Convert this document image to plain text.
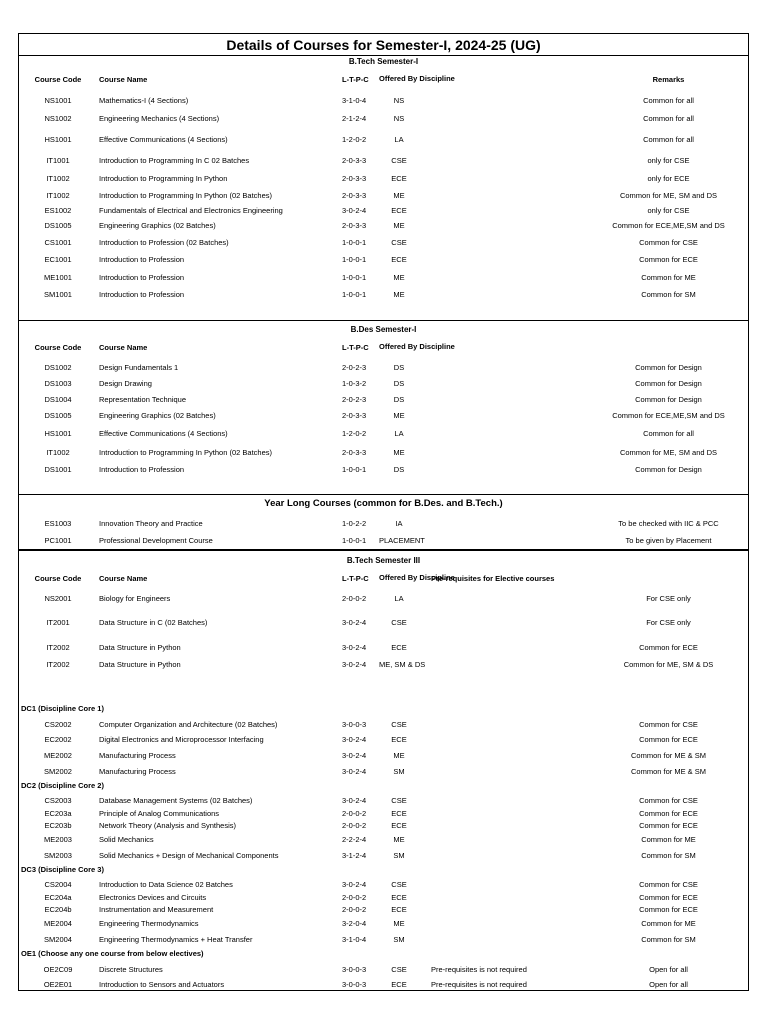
Details of Courses for Semester-I, 2024-25 (UG)
B.Tech Semester-I
Course Code	Course Name	L-T-P-C	Offered By Discipline	Remarks
NS1001	Mathematics-I (4 Sections)	3-1-0-4	NS	Common for all
NS1002	Engineering Mechanics (4 Sections)	2-1-2-4	NS	Common for all
HS1001	Effective Communications (4 Sections)	1-2-0-2	LA	Common for all
IT1001	Introduction to Programming In C 02 Batches	2-0-3-3	CSE	only for CSE
IT1002	Introduction to Programming In Python	2-0-3-3	ECE	only for ECE
IT1002	Introduction to Programming In Python (02 Batches)	2-0-3-3	ME	Common for ME, SM and DS
ES1002	Fundamentals of Electrical and Electronics Engineering	3-0-2-4	ECE	only for CSE
DS1005	Engineering Graphics (02 Batches)	2-0-3-3	ME	Common for ECE,ME,SM and DS
CS1001	Introduction to Profession (02 Batches)	1-0-0-1	CSE	Common for CSE
EC1001	Introduction to Profession	1-0-0-1	ECE	Common for ECE
ME1001	Introduction to Profession	1-0-0-1	ME	Common for ME
SM1001	Introduction to Profession	1-0-0-1	ME	Common for SM
B.Des Semester-I
Course Code	Course Name	L-T-P-C	Offered By Discipline
DS1002	Design Fundamentals 1	2-0-2-3	DS	Common for Design
DS1003	Design Drawing	1-0-3-2	DS	Common for Design
DS1004	Representation Technique	2-0-2-3	DS	Common for Design
DS1005	Engineering Graphics (02 Batches)	2-0-3-3	ME	Common for ECE,ME,SM and DS
HS1001	Effective Communications (4 Sections)	1-2-0-2	LA	Common for all
IT1002	Introduction to Programming In Python (02 Batches)	2-0-3-3	ME	Common for ME, SM and DS
DS1001	Introduction to Profession	1-0-0-1	DS	Common for Design
Year Long Courses (common for B.Des. and B.Tech.)
ES1003	Innovation Theory and Practice	1-0-2-2	IA	To be checked with IIC & PCC
PC1001	Professional Development Course	1-0-0-1	PLACEMENT	To be given by Placement
B.Tech Semester III
Course Code	Course Name	L-T-P-C	Offered By Discipline
Pre-requisites for Elective courses
NS2001	Biology for Engineers	2-0-0-2	LA	For CSE only
IT2001	Data Structure in C (02 Batches)	3-0-2-4	CSE	For CSE only
IT2002	Data Structure in Python	3-0-2-4	ECE	Common for ECE
IT2002	Data Structure in Python	3-0-2-4	ME, SM & DS	Common for ME, SM & DS
DC1 (Discipline Core 1)
CS2002	Computer Organization and Architecture (02 Batches)	3-0-0-3	CSE	Common for CSE
EC2002	Digital Electronics and Microprocessor Interfacing	3-0-2-4	ECE	Common for ECE
ME2002	Manufacturing Process	3-0-2-4	ME	Common for ME & SM
SM2002	Manufacturing Process	3-0-2-4	SM	Common for ME & SM
DC2 (Discipline Core 2)
CS2003	Database Management Systems (02 Batches)	3-0-2-4	CSE	Common for CSE
EC203a	Principle of Analog Communications	2-0-0-2	ECE	Common for ECE
EC203b	Network Theory (Analysis and Synthesis)	2-0-0-2	ECE	Common for ECE
ME2003	Solid Mechanics	2-2-2-4	ME	Common for ME
SM2003	Solid Mechanics + Design of Mechanical Components	3-1-2-4	SM	Common for SM
DC3 (Discipline Core 3)
CS2004	Introduction to Data Science 02 Batches	3-0-2-4	CSE	Common for CSE
EC204a	Electronics Devices and Circuits	2-0-0-2	ECE	Common for ECE
EC204b	Instrumentation and Measurement	2-0-0-2	ECE	Common for ECE
ME2004	Engineering Thermodynamics	3-2-0-4	ME	Common for ME
SM2004	Engineering Thermodynamics + Heat Transfer	3-1-0-4	SM	Common for SM
OE1 (Choose any one course from below electives)
OE2C09	Discrete Structures	3-0-0-3	CSE	Pre-requisites is not required	Open for all
OE2E01	Introduction to Sensors and Actuators	3-0-0-3	ECE	Pre-requisites is not required	Open for all
